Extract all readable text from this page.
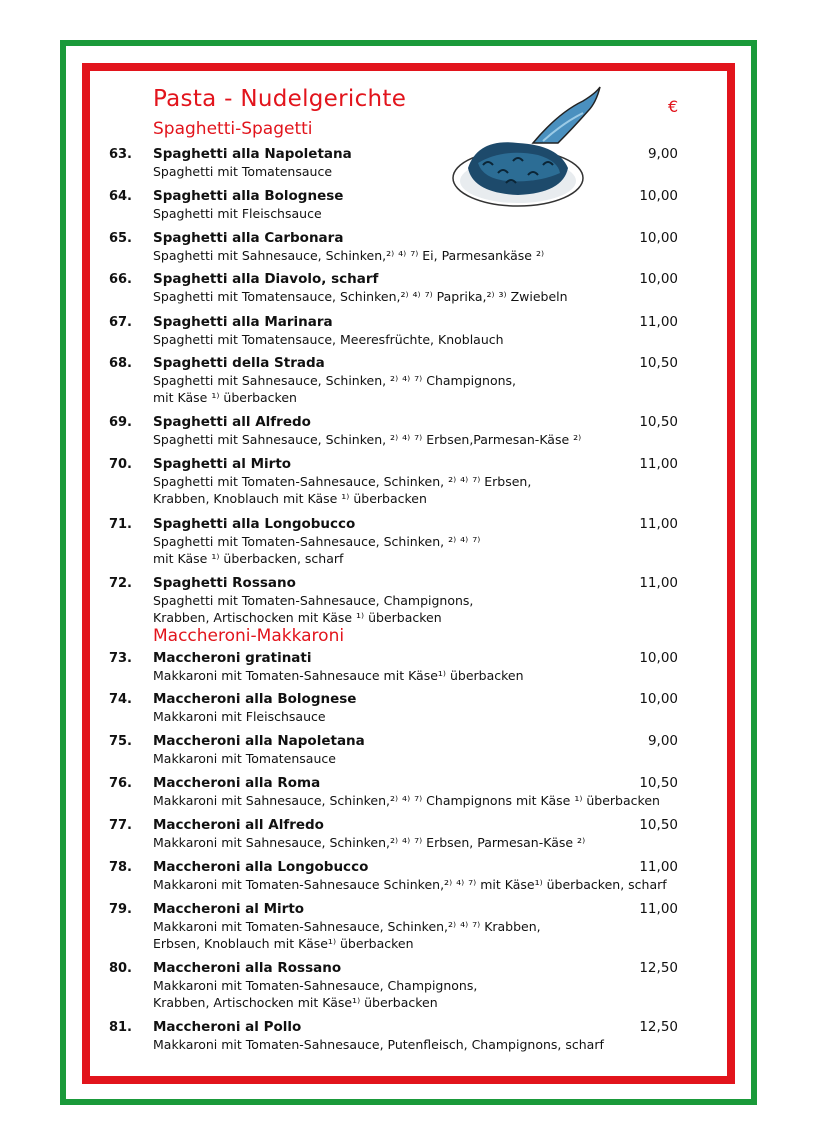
Pasta - Nudelgerichte	€
Spaghetti-Spagetti
Maccheroni-Makkaroni
63. Spaghetti alla Napoletana	9,00
Spaghetti mit Tomatensauce
64. Spaghetti alla Bolognese	10,00
Spaghetti mit Fleischsauce
65. Spaghetti alla Carbonara	10,00
Spaghetti mit Sahnesauce, Schinken,²⁾ ⁴⁾ ⁷⁾ Ei, Parmesankäse ²⁾
66. Spaghetti alla Diavolo, scharf	10,00
Spaghetti mit Tomatensauce, Schinken,²⁾ ⁴⁾ ⁷⁾ Paprika,²⁾ ³⁾ Zwiebeln
67. Spaghetti alla Marinara	11,00
Spaghetti mit Tomatensauce, Meeresfrüchte, Knoblauch
68. Spaghetti della Strada	10,50
Spaghetti mit Sahnesauce, Schinken, ²⁾ ⁴⁾ ⁷⁾ Champignons,
mit Käse ¹⁾ überbacken
69. Spaghetti all Alfredo	10,50
Spaghetti mit Sahnesauce, Schinken, ²⁾ ⁴⁾ ⁷⁾ Erbsen,Parmesan-Käse ²⁾
70. Spaghetti al Mirto	11,00
Spaghetti mit Tomaten-Sahnesauce, Schinken, ²⁾ ⁴⁾ ⁷⁾ Erbsen,
Krabben, Knoblauch mit Käse ¹⁾ überbacken
71. Spaghetti alla Longobucco	11,00
Spaghetti mit Tomaten-Sahnesauce, Schinken, ²⁾ ⁴⁾ ⁷⁾
mit Käse ¹⁾ überbacken, scharf
72. Spaghetti Rossano	11,00
Spaghetti mit Tomaten-Sahnesauce, Champignons,
Krabben, Artischocken mit Käse ¹⁾ überbacken
73. Maccheroni gratinati	10,00
Makkaroni mit Tomaten-Sahnesauce mit Käse¹⁾ überbacken
74. Maccheroni alla Bolognese	10,00
Makkaroni mit Fleischsauce
75. Maccheroni alla Napoletana	9,00
Makkaroni mit Tomatensauce
76. Maccheroni alla Roma	10,50
Makkaroni mit Sahnesauce, Schinken,²⁾ ⁴⁾ ⁷⁾ Champignons mit Käse ¹⁾ überbacken
77. Maccheroni all Alfredo	10,50
Makkaroni mit Sahnesauce, Schinken,²⁾ ⁴⁾ ⁷⁾ Erbsen, Parmesan-Käse ²⁾
78. Maccheroni alla Longobucco	11,00
Makkaroni mit Tomaten-Sahnesauce Schinken,²⁾ ⁴⁾ ⁷⁾ mit Käse¹⁾ überbacken, scharf
79. Maccheroni al Mirto	11,00
Makkaroni mit Tomaten-Sahnesauce, Schinken,²⁾ ⁴⁾ ⁷⁾ Krabben,
Erbsen, Knoblauch mit Käse¹⁾ überbacken
80. Maccheroni alla Rossano	12,50
Makkaroni mit Tomaten-Sahnesauce, Champignons,
Krabben, Artischocken mit Käse¹⁾ überbacken
81. Maccheroni al Pollo	12,50
Makkaroni mit Tomaten-Sahnesauce, Putenfleisch, Champignons, scharf
